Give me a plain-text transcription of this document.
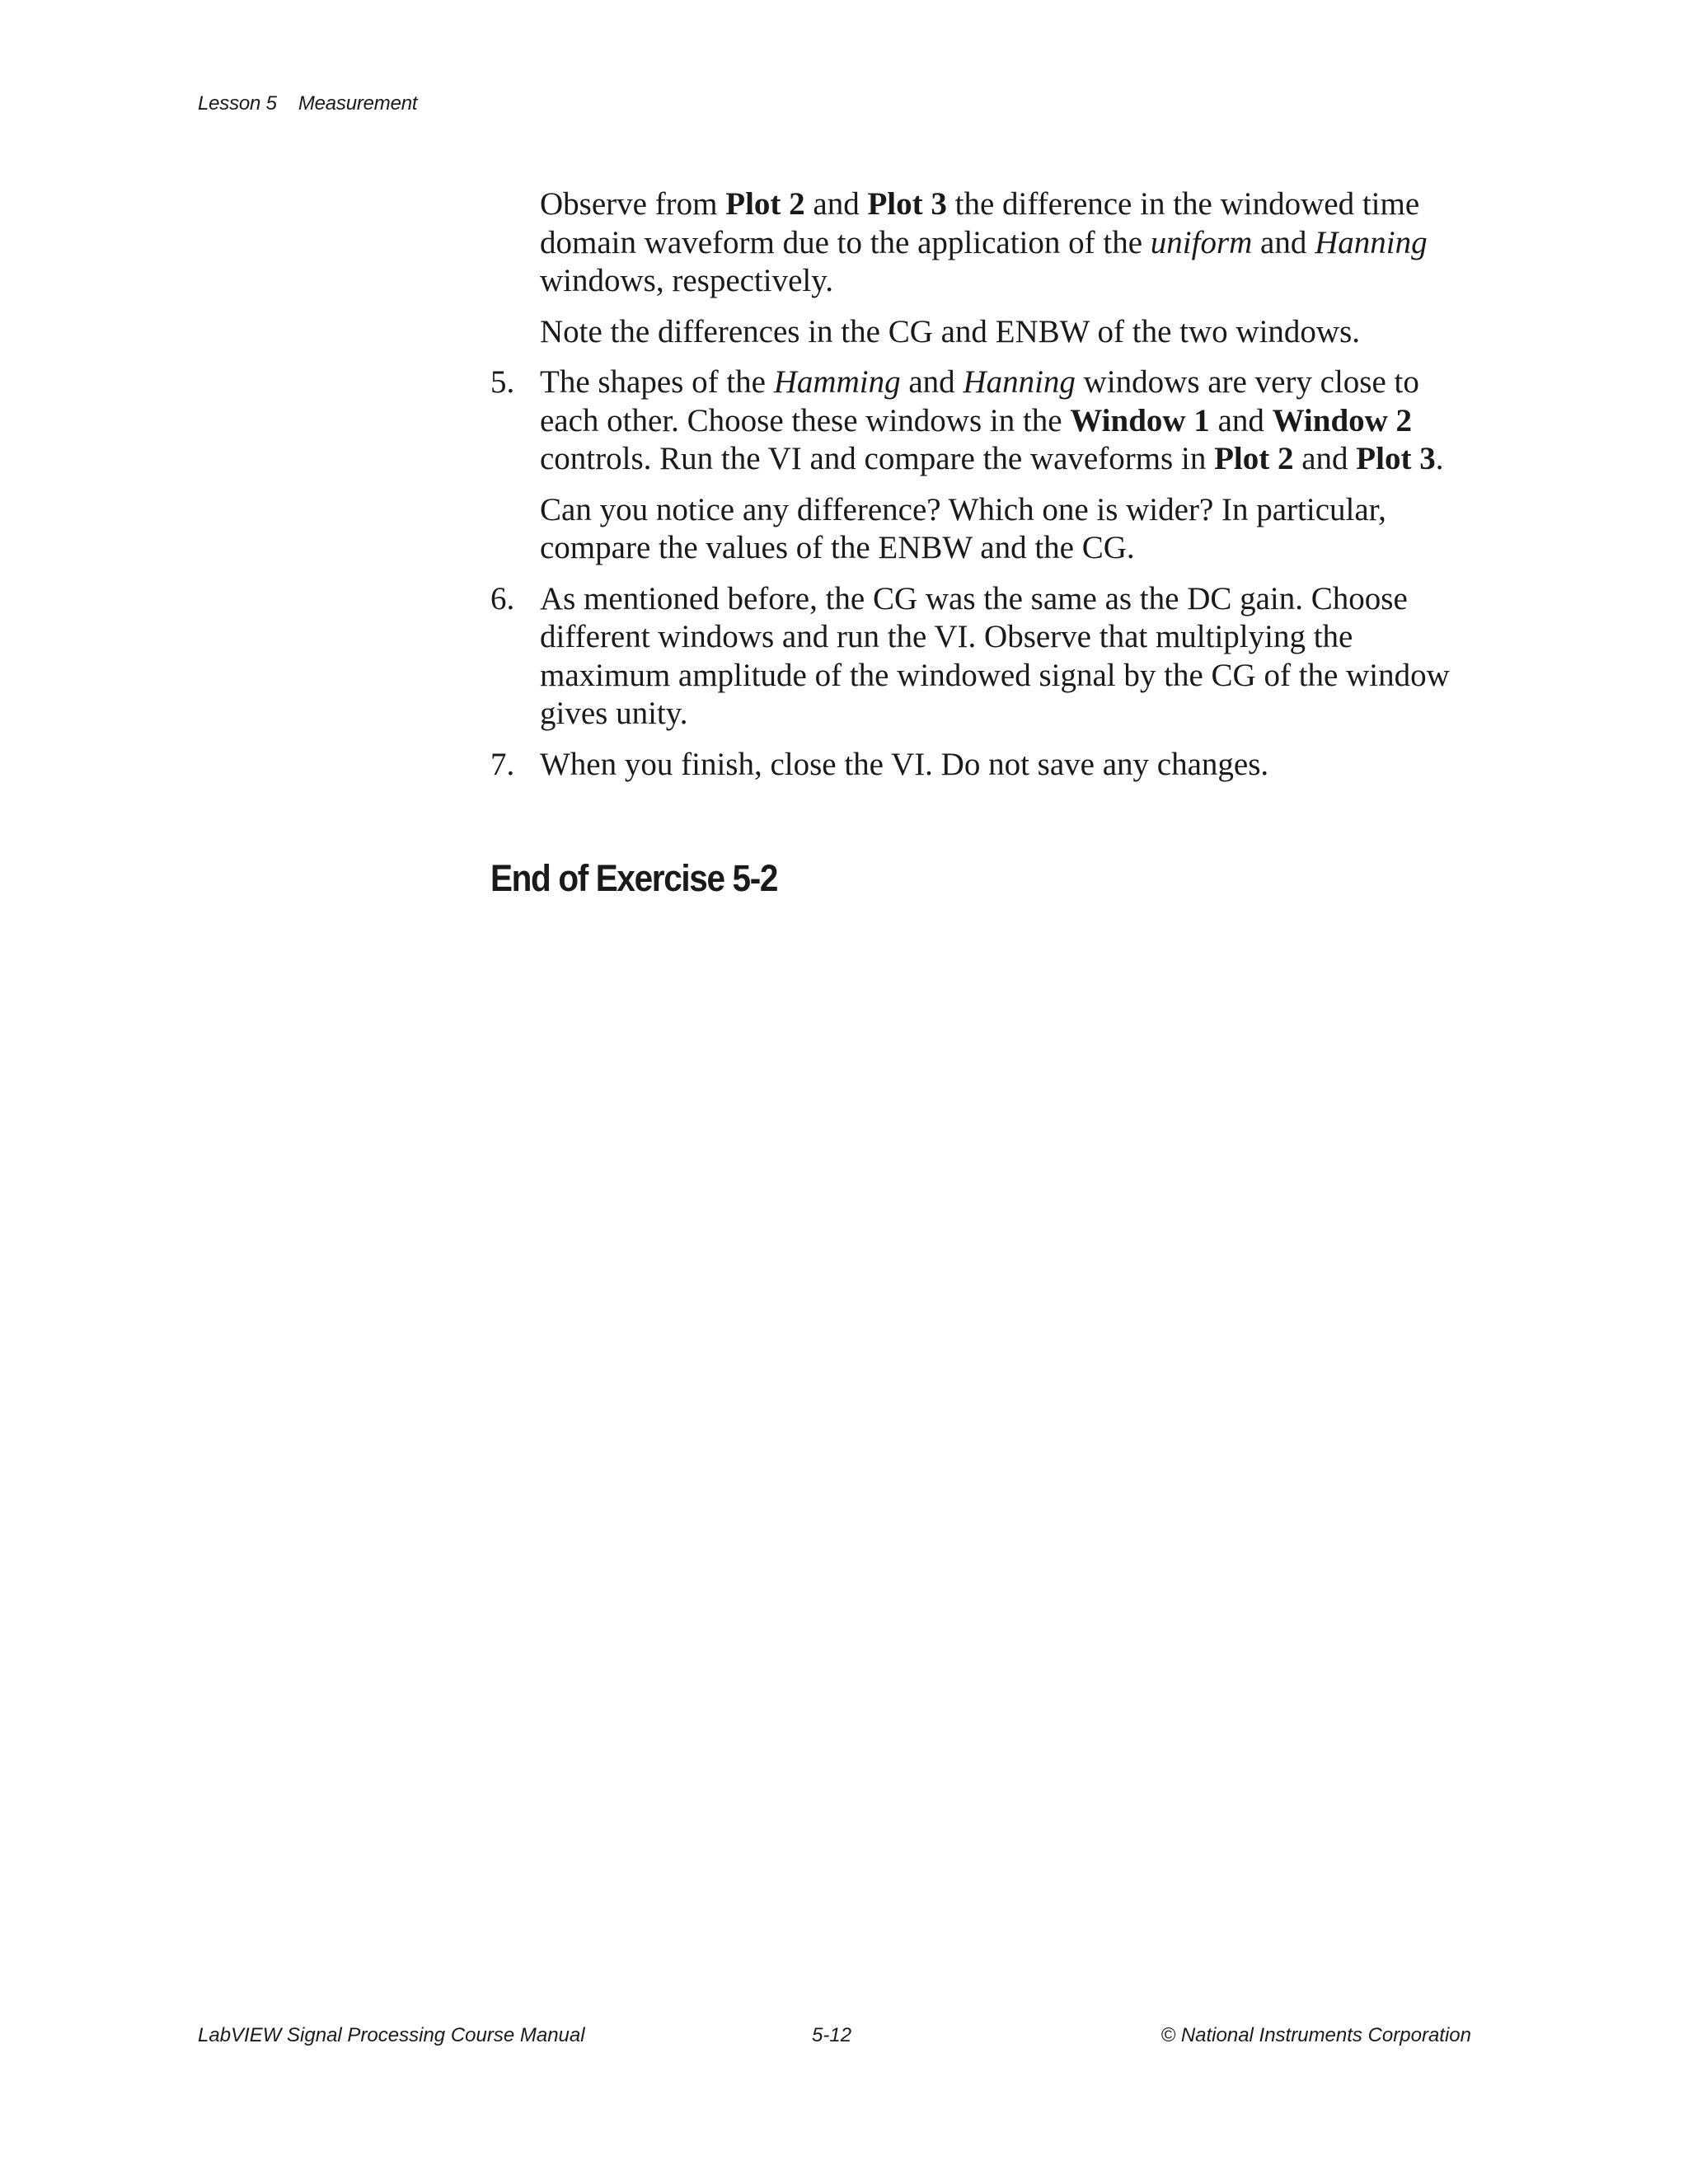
Lesson 5 Measurement

Observe from Plot 2 and Plot 3 the difference in the windowed time domain waveform due to the application of the uniform and Hanning windows, respectively.

Note the differences in the CG and ENBW of the two windows.

5. The shapes of the Hamming and Hanning windows are very close to each other. Choose these windows in the Window 1 and Window 2 controls. Run the VI and compare the waveforms in Plot 2 and Plot 3.

Can you notice any difference? Which one is wider? In particular, compare the values of the ENBW and the CG.

6. As mentioned before, the CG was the same as the DC gain. Choose different windows and run the VI. Observe that multiplying the maximum amplitude of the windowed signal by the CG of the window gives unity.

7. When you finish, close the VI. Do not save any changes.

End of Exercise 5-2
LabVIEW Signal Processing Course Manual	5-12	© National Instruments Corporation
